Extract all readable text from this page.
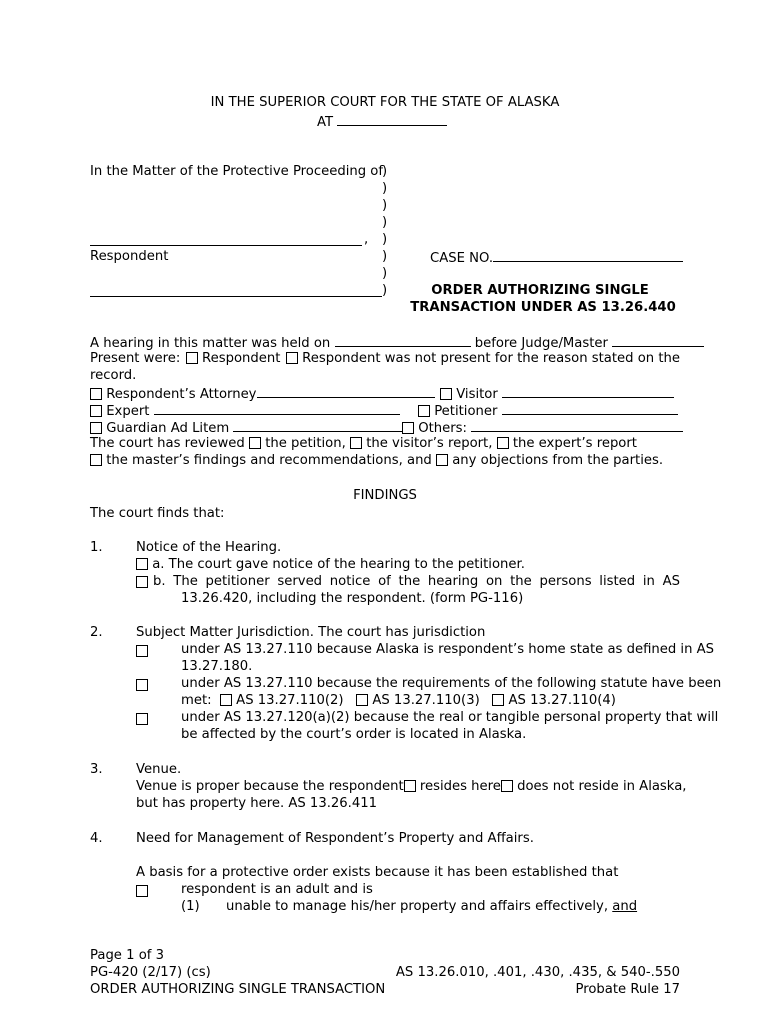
IN THE SUPERIOR COURT FOR THE STATE OF ALASKA
AT
In the Matter of the Protective Proceeding of
)
)
)
)
)
)
)
)
,
Respondent	CASE NO.
ORDER AUTHORIZING SINGLE
TRANSACTION UNDER AS 13.26.440
A hearing in this matter was held on	before Judge/Master
Present were:	Respondent	Respondent was not present for the reason stated on the
record.
Respondent’s Attorney	Visitor
Expert	Petitioner
Guardian Ad Litem	Others:
The court has reviewed the petition, the visitor’s report, the expert’s report
the master’s findings and recommendations, and any objections from the parties.
FINDINGS
The court finds that:
1.	Notice of the Hearing.
a. The court gave notice of the hearing to the petitioner.
b. The petitioner served notice of the hearing on the persons listed in AS
13.26.420, including the respondent. (form PG-116)
2.	Subject Matter Jurisdiction. The court has jurisdiction
under AS 13.27.110 because Alaska is respondent’s home state as defined in AS
13.27.180.
under AS 13.27.110 because the requirements of the following statute have been
met: AS 13.27.110(2) AS 13.27.110(3) AS 13.27.110(4)
under AS 13.27.120(a)(2) because the real or tangible personal property that will
be affected by the court’s order is located in Alaska.
3.	Venue.
Venue is proper because the respondent	resides here	does not reside in Alaska,
but has property here. AS 13.26.411
4.	Need for Management of Respondent’s Property and Affairs.
A basis for a protective order exists because it has been established that
respondent is an adult and is
(1) unable to manage his/her property and affairs effectively, and
Page 1 of 3
PG-420 (2/17) (cs)
ORDER AUTHORIZING SINGLE TRANSACTION
AS 13.26.010, .401, .430, .435, & 540-.550
Probate Rule 17
